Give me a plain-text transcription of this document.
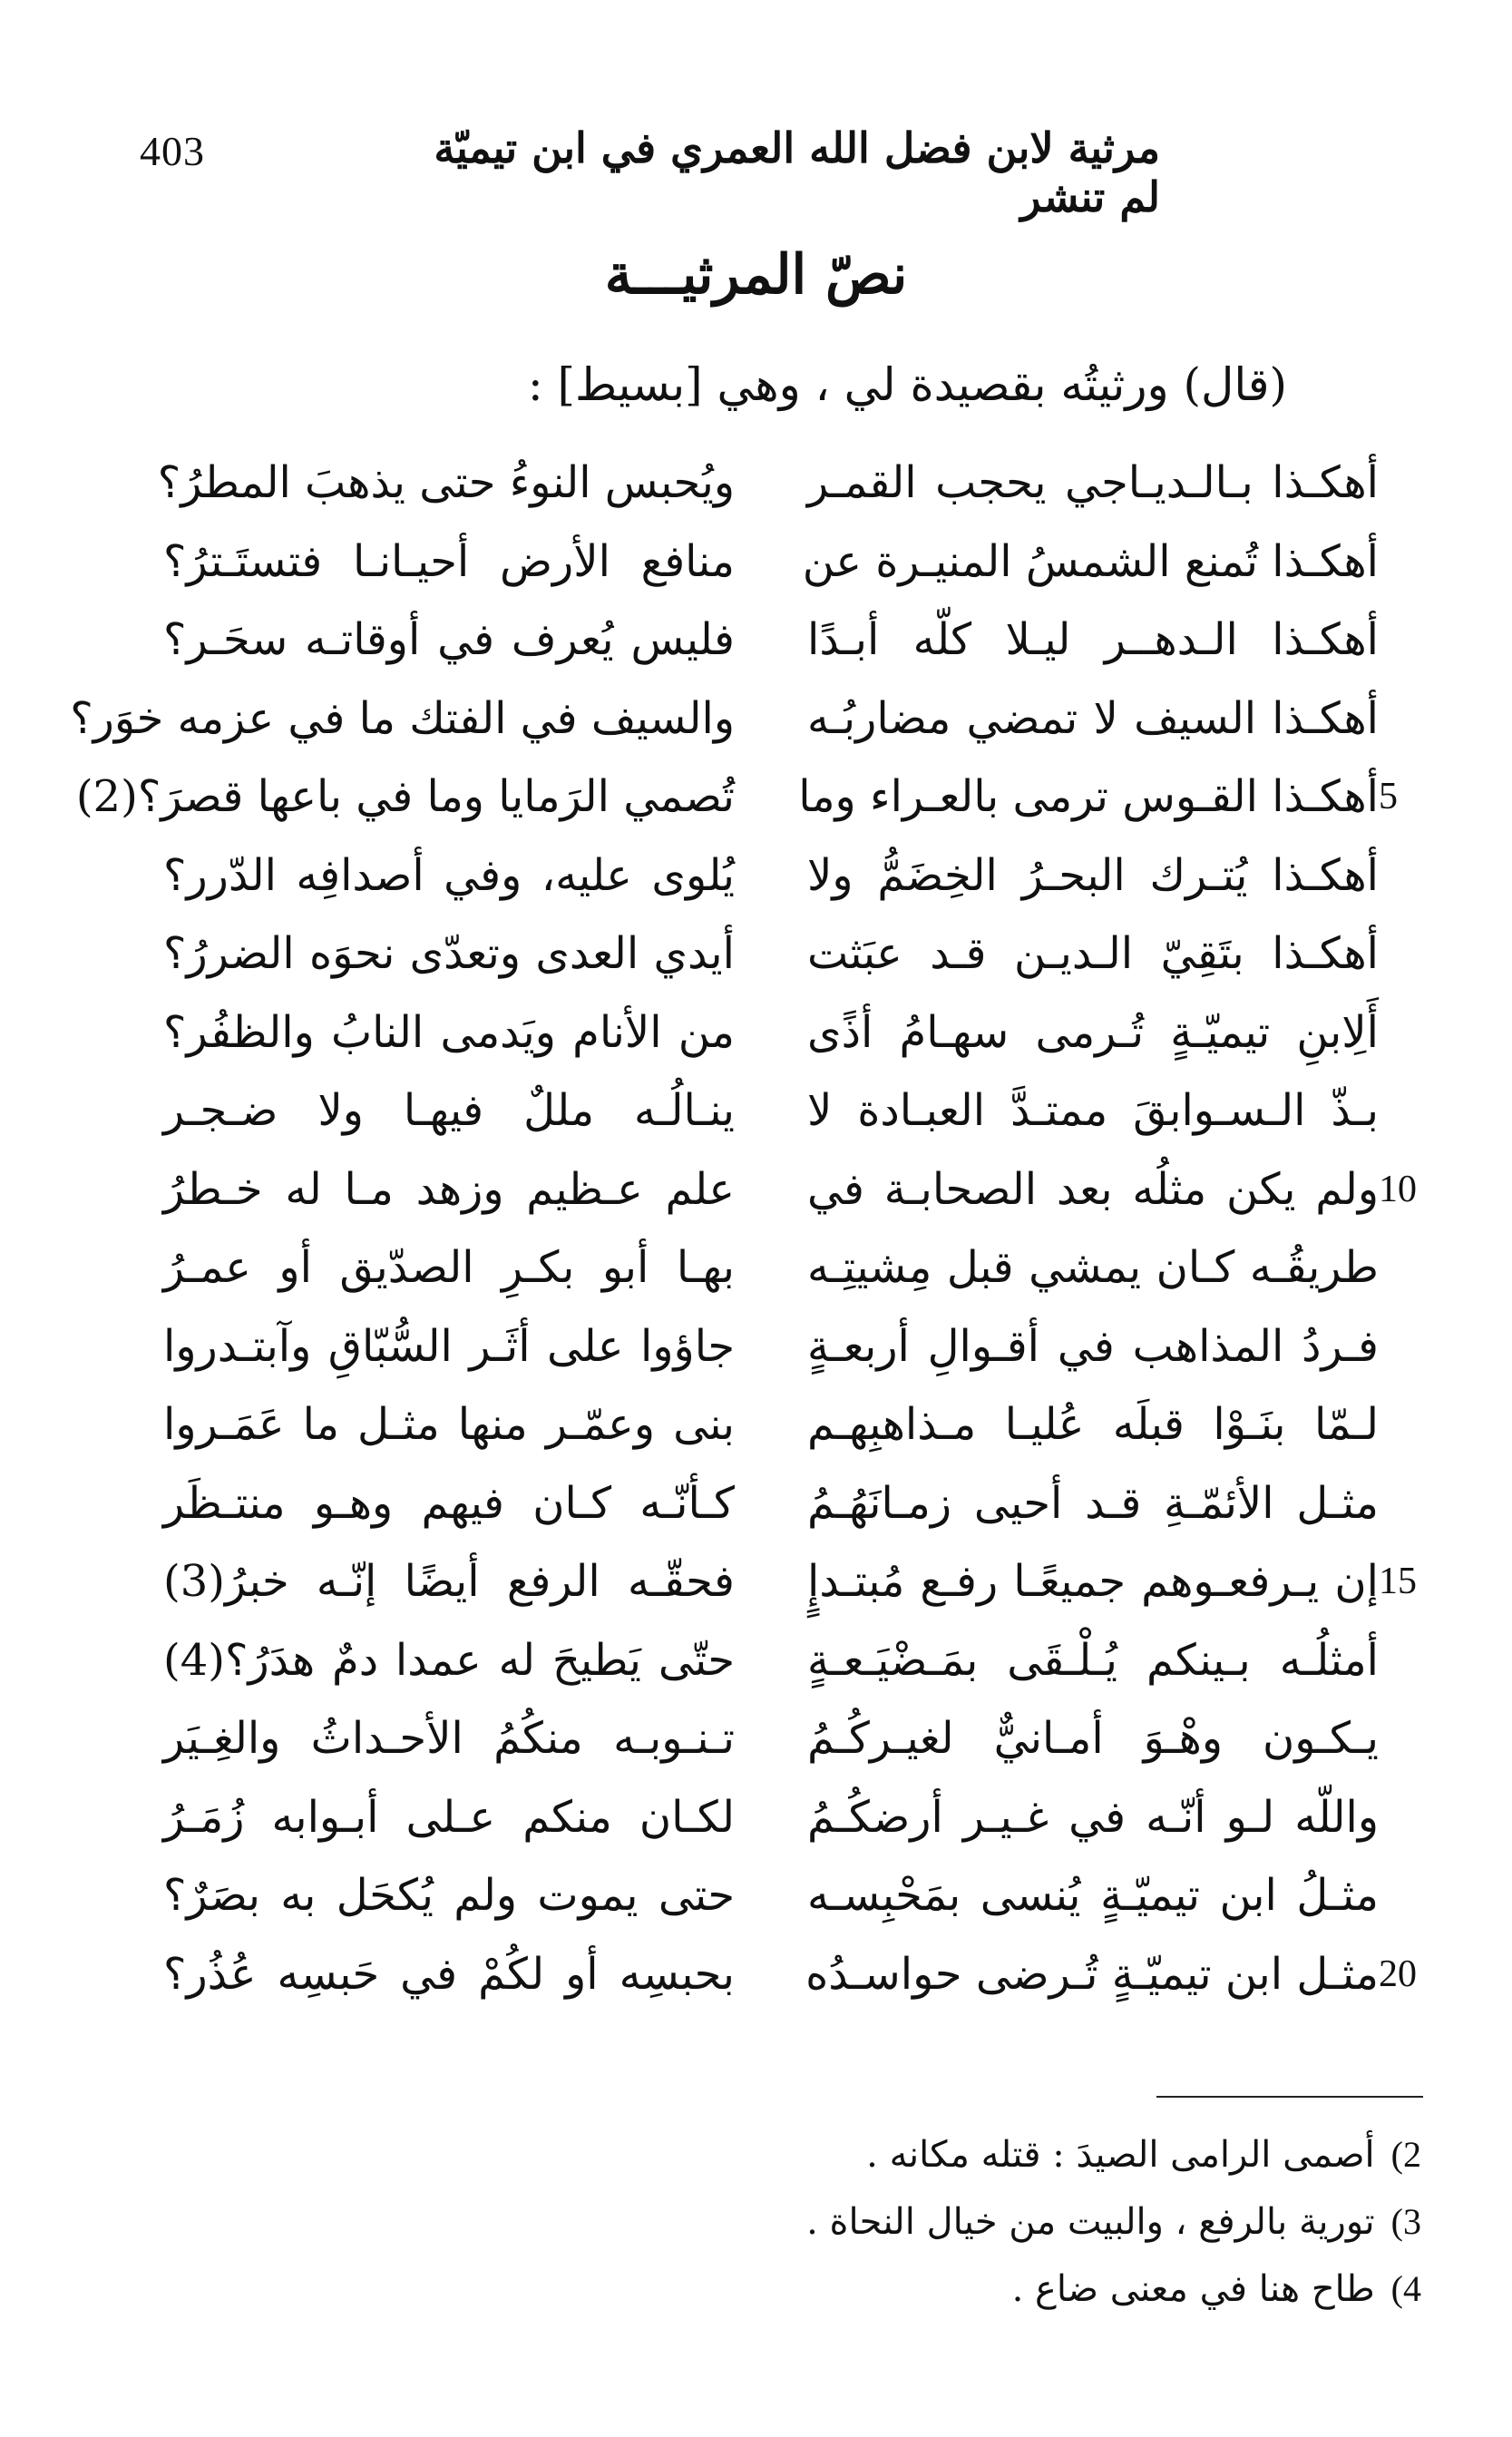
403	مرثية لابن فضل الله العمري في ابن تيميّة لم تنشر
نصّ المرثيـــة
(قال) ورثيتُه بقصيدة لي ، وهي [بسيط] :
أهكـذا بـالـديـاجي يحجب القمـر
ويُحبس النوءُ حتى يذهبَ المطرُ؟
أهكـذا تُمنع الشمسُ المنيـرة عن
منافع الأرض أحيـانـا فتستَـترُ؟
أهكـذا الـدهــر ليـلا كلّه أبـدًا
فليس يُعرف في أوقاتـه سحَـر؟
أهكـذا السيف لا تمضي مضاربُـه
والسيف في الفتك ما في عزمه خوَر؟
5
أهكـذا القـوس ترمى بالعـراء وما
تُصمي الرَمايا وما في باعها قصرَ؟(2)
أهكـذا يُتـرك البحـرُ الخِضَمُّ ولا
يُلوى عليه، وفي أصدافِه الدّرر؟
أهكـذا بتَقِيّ الـديـن قـد عبَثت
أيدي العدى وتعدّى نحوَه الضررُ؟
أَلِابنِ تيميّـةٍ تُـرمى سهـامُ أذًى
من الأنام ويَدمى النابُ والظفُر؟
بـذّ الـسـوابقَ ممتـدَّ العبـادة لا
ينـالُـه مللٌ فيهـا ولا ضـجـر
10
ولم يكن مثلُه بعد الصحابـة في
علم عـظيم وزهد مـا له خـطرُ
طريقُـه كـان يمشي قبل مِشيتِـه
بهـا أبو بكـرِ الصدّيق أو عمـرُ
فـردُ المذاهب في أقـوالِ أربعـةٍ
جاؤوا على أثَـر السُّبّاقِ وآبتـدروا
لـمّا بنَـوْا قبلَه عُليـا مـذاهبِهـم
بنى وعمّـر منها مثـل ما عَمَـروا
مثـل الأئمّـةِ قـد أحيى زمـانَهُـمُ
كـأنّـه كـان فيهم وهـو منتـظَر
15
إن يـرفعـوهم جميعًـا رفـع مُبتـدإٍ
فحقّـه الرفع أيضًا إنّـه خبرُ(3)
أمثلُـه بـينكم يُـلْـقَى بمَـضْيَـعـةٍ
حتّى يَطيحَ له عمدا دمٌ هدَرُ؟(4)
يـكـون وهْـوَ أمـانيٌّ لغيـركُـمُ
تـنـوبـه منكُمُ الأحـداثُ والغِـيَر
واللّه لـو أنّـه في غـيـر أرضكُـمُ
لكـان منكم عـلى أبـوابه زُمَـرُ
مثـلُ ابن تيميّـةٍ يُنسى بمَحْبِسـه
حتى يموت ولم يُكحَل به بصَرٌ؟
20
مثـل ابن تيميّـةٍ تُـرضى حواسـدُه
بحبسِه أو لكُمْ في حَبسِه عُذُر؟
2)أصمى الرامى الصيدَ : قتله مكانه .
3)تورية بالرفع ، والبيت من خيال النحاة .
4)طاح هنا في معنى ضاع .
